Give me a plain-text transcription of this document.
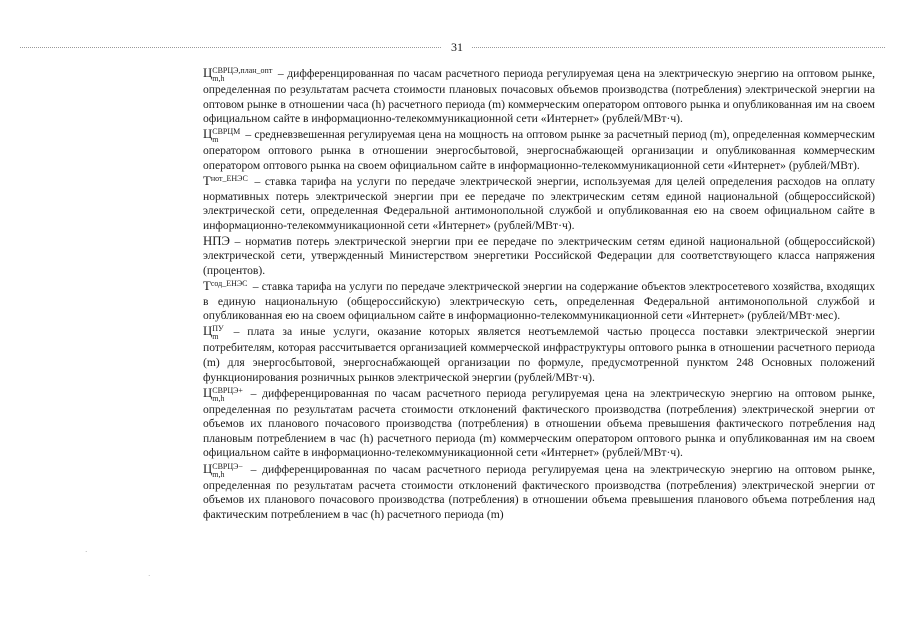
31

Ц СВРЦЭ,план_опт
m,h	– дифференцированная по часам расчетного периода регулируемая цена на электрическую энергию на оптовом рынке, определенная по результатам расчета стоимости плановых почасовых объемов производства (потребления) электрической энергии на оптовом рынке в отношении часа (h) расчетного периода (m) коммерческим оператором оптового рынка и опубликованная им на своем официальном сайте в информационно-телекоммуникационной сети «Интернет» (рублей/МВт·ч).

Ц СВРЦМ
m	– средневзвешенная регулируемая цена на мощность на оптовом рынке за расчетный период (m), определенная коммерческим оператором оптового рынка в отношении энергосбытовой, энергоснабжающей организации и опубликованная коммерческим оператором оптового рынка на своем официальном сайте в информационно-телекоммуникационной сети «Интернет» (рублей/МВт).

Т нот_ЕНЭС – ставка тарифа на услуги по передаче электрической энергии, используемая для целей определения расходов на оплату нормативных потерь электрической энергии при ее передаче по электрическим сетям единой национальной (общероссийской) электрической сети, определенная Федеральной антимонопольной службой и опубликованная ею на своем официальном сайте в информационно-телекоммуникационной сети «Интернет» (рублей/МВт·ч).

НПЭ – норматив потерь электрической энергии при ее передаче по электрическим сетям единой национальной (общероссийской) электрической сети, утвержденный Министерством энергетики Российской Федерации для соответствующего класса напряжения (процентов).

Т сод_ЕНЭС – ставка тарифа на услуги по передаче электрической энергии на содержание объектов электросетевого хозяйства, входящих в единую национальную (общероссийскую) электрическую сеть, определенная Федеральной антимонопольной службой и опубликованная ею на своем официальном сайте в информационно-телекоммуникационной сети «Интернет» (рублей/МВт·мес).

Ц ПУ
m – плата за иные услуги, оказание которых является неотъемлемой частью процесса поставки электрической энергии потребителям, которая рассчитывается организацией коммерческой инфраструктуры оптового рынка в отношении расчетного периода (m) для энергосбытовой, энергоснабжающей организации по формуле, предусмотренной пунктом 248 Основных положений функционирования розничных рынков электрической энергии (рублей/МВт·ч).

Ц СВРЦЭ+
m,h	– дифференцированная по часам расчетного периода регулируемая цена на электрическую энергию на оптовом рынке, определенная по результатам расчета стоимости отклонений фактического производства (потребления) электрической энергии от объемов их планового почасового производства (потребления) в отношении объема превышения фактического потребления над плановым потреблением в час (h) расчетного периода (m) коммерческим оператором оптового рынка и опубликованная им на своем официальном сайте в информационно-телекоммуникационной сети «Интернет» (рублей/МВт·ч).

Ц СВРЦЭ−
m,h	– дифференцированная по часам расчетного периода регулируемая цена на электрическую энергию на оптовом рынке, определенная по результатам расчета стоимости отклонений фактического производства (потребления) электрической энергии от объемов их планового почасового производства (потребления) в отношении объема превышения планового объема потребления над фактическим потреблением в час (h) расчетного периода (m)

·
·
